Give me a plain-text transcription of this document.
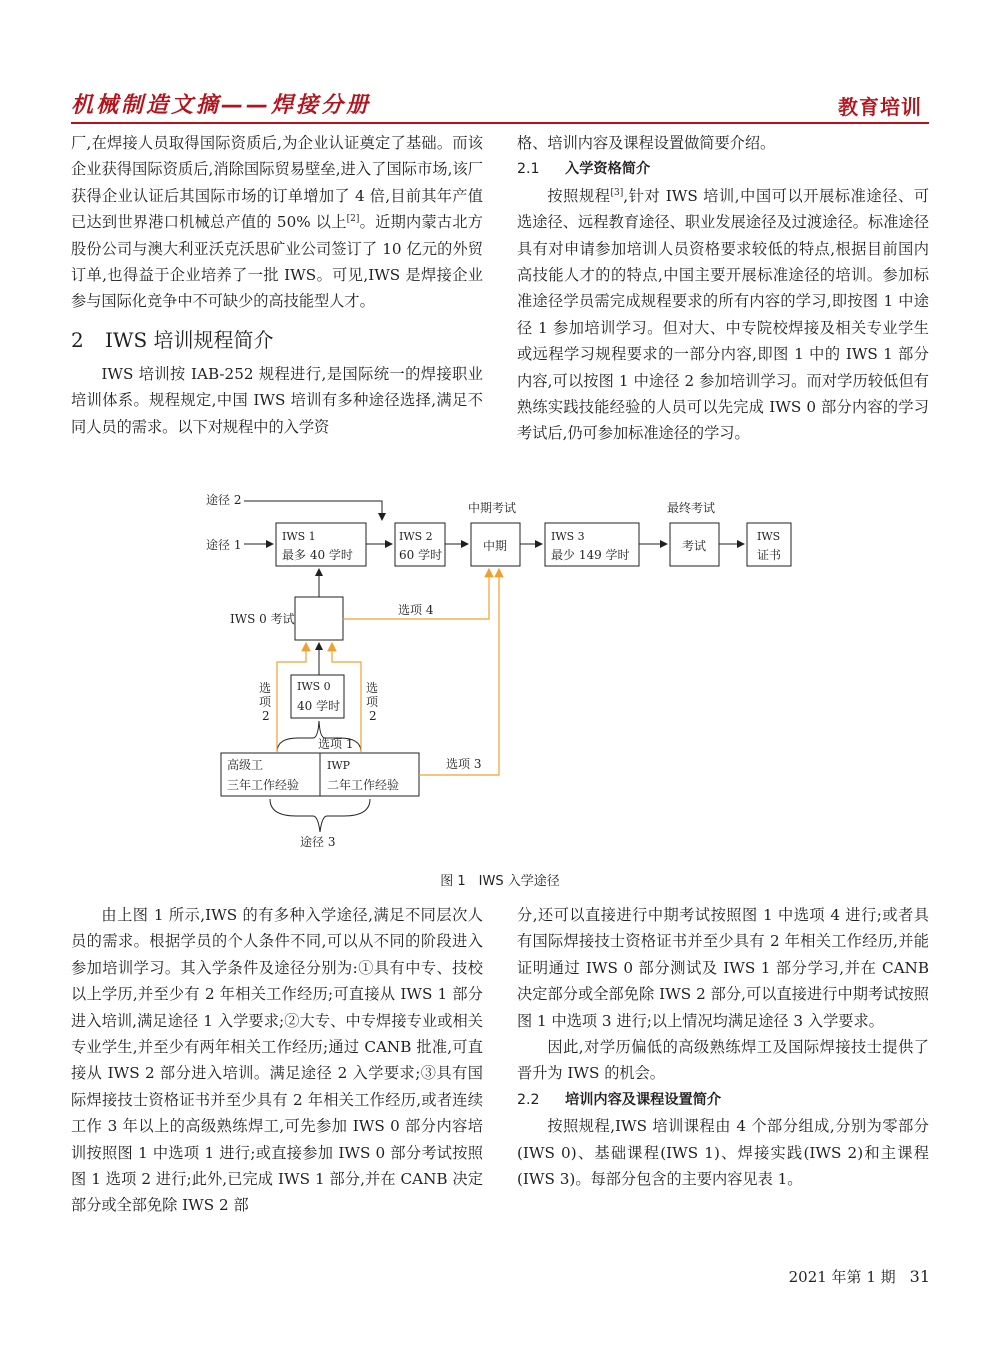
机械制造文摘——焊接分册	教育培训

厂,在焊接人员取得国际资质后,为企业认证奠定了基础。而该企业获得国际资质后,消除国际贸易壁垒,进入了国际市场,该厂获得企业认证后其国际市场的订单增加了 4 倍,目前其年产值已达到世界港口机械总产值的 50% 以上[2]。近期内蒙古北方股份公司与澳大利亚沃克沃思矿业公司签订了 10 亿元的外贸订单,也得益于企业培养了一批 IWS。可见,IWS 是焊接企业参与国际化竞争中不可缺少的高技能型人才。

2 IWS 培训规程简介

IWS 培训按 IAB-252 规程进行,是国际统一的焊接职业培训体系。规程规定,中国 IWS 培训有多种途径选择,满足不同人员的需求。以下对规程中的入学资

格、培训内容及课程设置做简要介绍。

2.1 入学资格简介

按照规程[3],针对 IWS 培训,中国可以开展标准途径、可选途径、远程教育途径、职业发展途径及过渡途径。标准途径具有对申请参加培训人员资格要求较低的特点,根据目前国内高技能人才的的特点,中国主要开展标准途径的培训。参加标准途径学员需完成规程要求的所有内容的学习,即按图 1 中途径 1 参加培训学习。但对大、中专院校焊接及相关专业学生或远程学习规程要求的一部分内容,即图 1 中的 IWS 1 部分内容,可以按图 1 中途径 2 参加培训学习。而对学历较低但有熟练实践技能经验的人员可以先完成 IWS 0 部分内容的学习考试后,仍可参加标准途径的学习。

途径 2
途径 1
中期考试	最终考试
IWS 0 考试
选项 4
选项 3
选项 1
选
项
2
选
项
2
途径 3
IWS 1
最多 40 学时
IWS 2
60 学时
中期
IWS 3
最少 149 学时
考试
IWS
证书
IWS 0
40 学时
高级工
三年工作经验
IWP
二年工作经验
图 1　IWS 入学途径

由上图 1 所示,IWS 的有多种入学途径,满足不同层次人员的需求。根据学员的个人条件不同,可以从不同的阶段进入参加培训学习。其入学条件及途径分别为:①具有中专、技校以上学历,并至少有 2 年相关工作经历;可直接从 IWS 1 部分进入培训,满足途径 1 入学要求;②大专、中专焊接专业或相关专业学生,并至少有两年相关工作经历;通过 CANB 批准,可直接从 IWS 2 部分进入培训。满足途径 2 入学要求;③具有国际焊接技士资格证书并至少具有 2 年相关工作经历,或者连续工作 3 年以上的高级熟练焊工,可先参加 IWS 0 部分内容培训按照图 1 中选项 1 进行;或直接参加 IWS 0 部分考试按照图 1 选项 2 进行;此外,已完成 IWS 1 部分,并在 CANB 决定部分或全部免除 IWS 2 部

分,还可以直接进行中期考试按照图 1 中选项 4 进行;或者具有国际焊接技士资格证书并至少具有 2 年相关工作经历,并能证明通过 IWS 0 部分测试及 IWS 1 部分学习,并在 CANB 决定部分或全部免除 IWS 2 部分,可以直接进行中期考试按照图 1 中选项 3 进行;以上情况均满足途径 3 入学要求。

因此,对学历偏低的高级熟练焊工及国际焊接技士提供了晋升为 IWS 的机会。

2.2 培训内容及课程设置简介

按照规程,IWS 培训课程由 4 个部分组成,分别为零部分(IWS 0)、基础课程(IWS 1)、焊接实践(IWS 2)和主课程(IWS 3)。每部分包含的主要内容见表 1。

2021 年第 1 期 31
